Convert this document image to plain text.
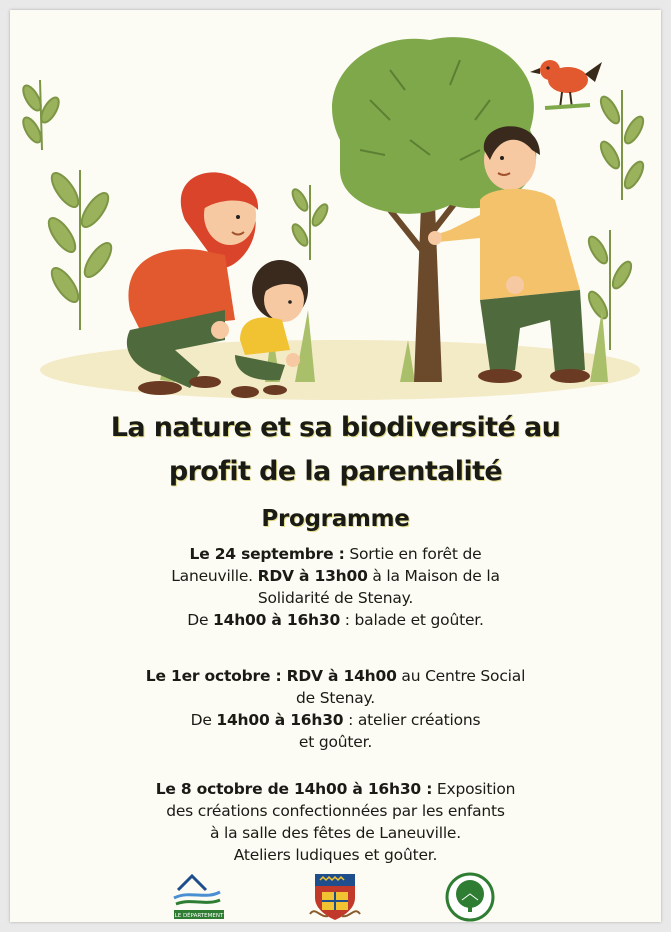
La nature et sa biodiversité au
profit de la parentalité
Programme
Le 24 septembre : Sortie en forêt de
Laneuville. RDV à 13h00 à la Maison de la
Solidarité de Stenay.
De 14h00 à 16h30 : balade et goûter.
Le 1er octobre : RDV à 14h00 au Centre Social
de Stenay.
De 14h00 à 16h30 : atelier créations
et goûter.
Le 8 octobre de 14h00 à 16h30 : Exposition
des créations confectionnées par les enfants
à la salle des fêtes de Laneuville.
Ateliers ludiques et goûter.
LE DÉPARTEMENT
